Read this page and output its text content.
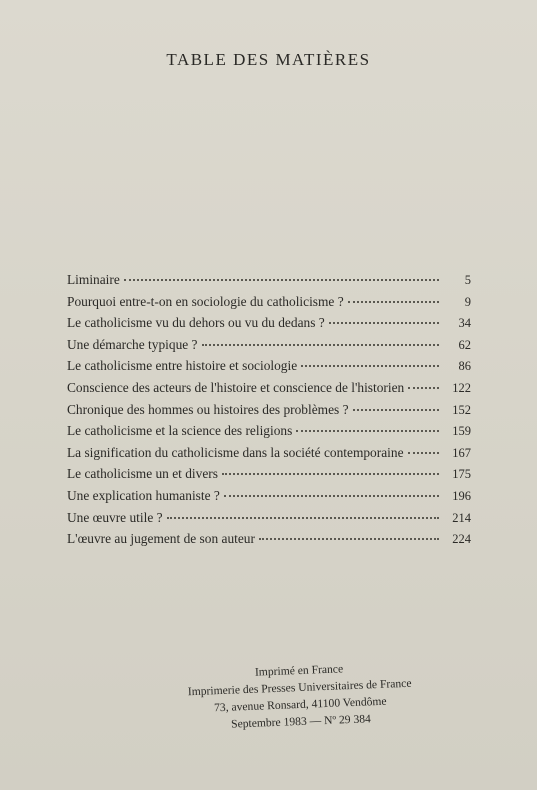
TABLE DES MATIÈRES
Liminaire	5
Pourquoi entre-t-on en sociologie du catholicisme ?	9
Le catholicisme vu du dehors ou vu du dedans ?	34
Une démarche typique ?	62
Le catholicisme entre histoire et sociologie	86
Conscience des acteurs de l'histoire et conscience de l'historien	122
Chronique des hommes ou histoires des problèmes ?	152
Le catholicisme et la science des religions	159
La signification du catholicisme dans la société contemporaine	167
Le catholicisme un et divers	175
Une explication humaniste ?	196
Une œuvre utile ?	214
L'œuvre au jugement de son auteur	224
Imprimé en France
Imprimerie des Presses Universitaires de France
73, avenue Ronsard, 41100 Vendôme
Septembre 1983 — Nº 29 384
